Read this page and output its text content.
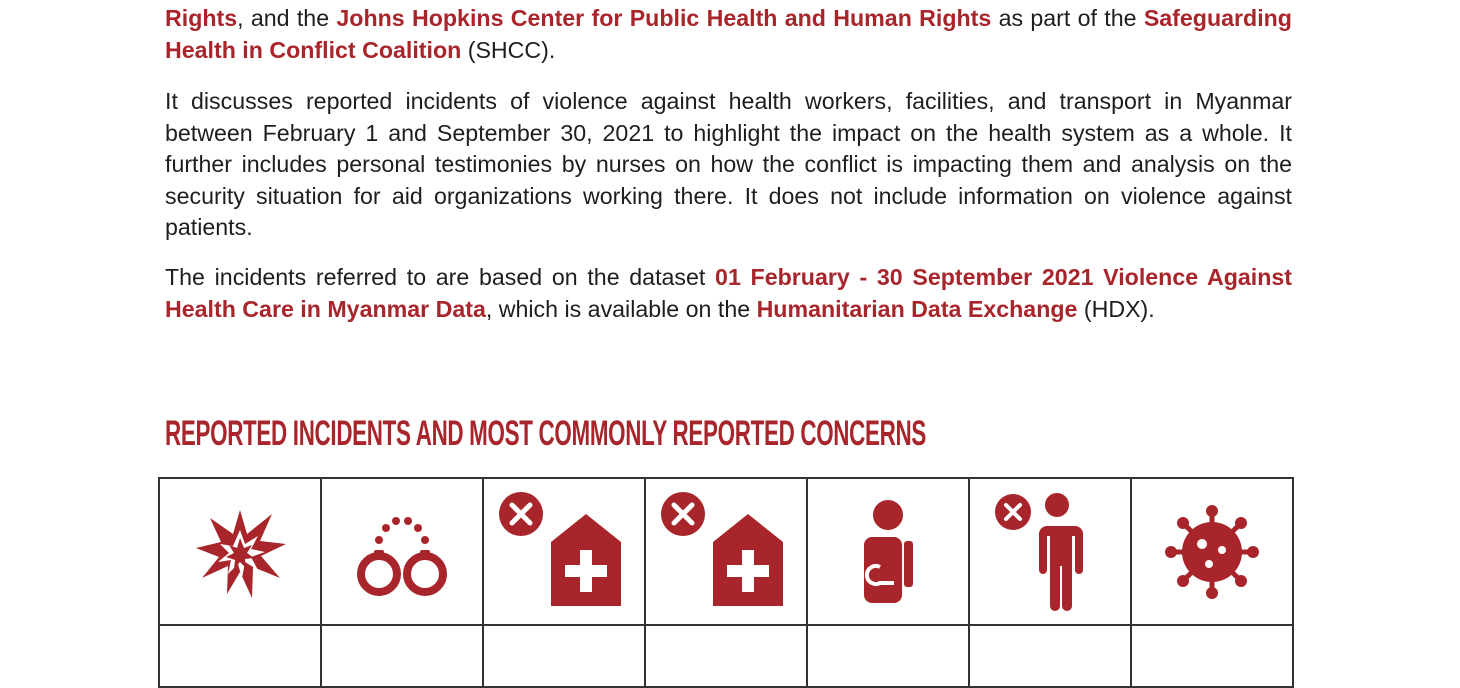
Rights, and the Johns Hopkins Center for Public Health and Human Rights as part of the Safeguarding Health in Conflict Coalition (SHCC).

It discusses reported incidents of violence against health workers, facilities, and transport in Myanmar between February 1 and September 30, 2021 to highlight the impact on the health system as a whole. It further includes personal testimonies by nurses on how the conflict is impacting them and analysis on the security situation for aid organizations working there. It does not include information on violence against patients.

The incidents referred to are based on the dataset 01 February - 30 September 2021 Violence Against Health Care in Myanmar Data, which is available on the Humanitarian Data Exchange (HDX).

REPORTED INCIDENTS AND MOST COMMONLY REPORTED CONCERNS
